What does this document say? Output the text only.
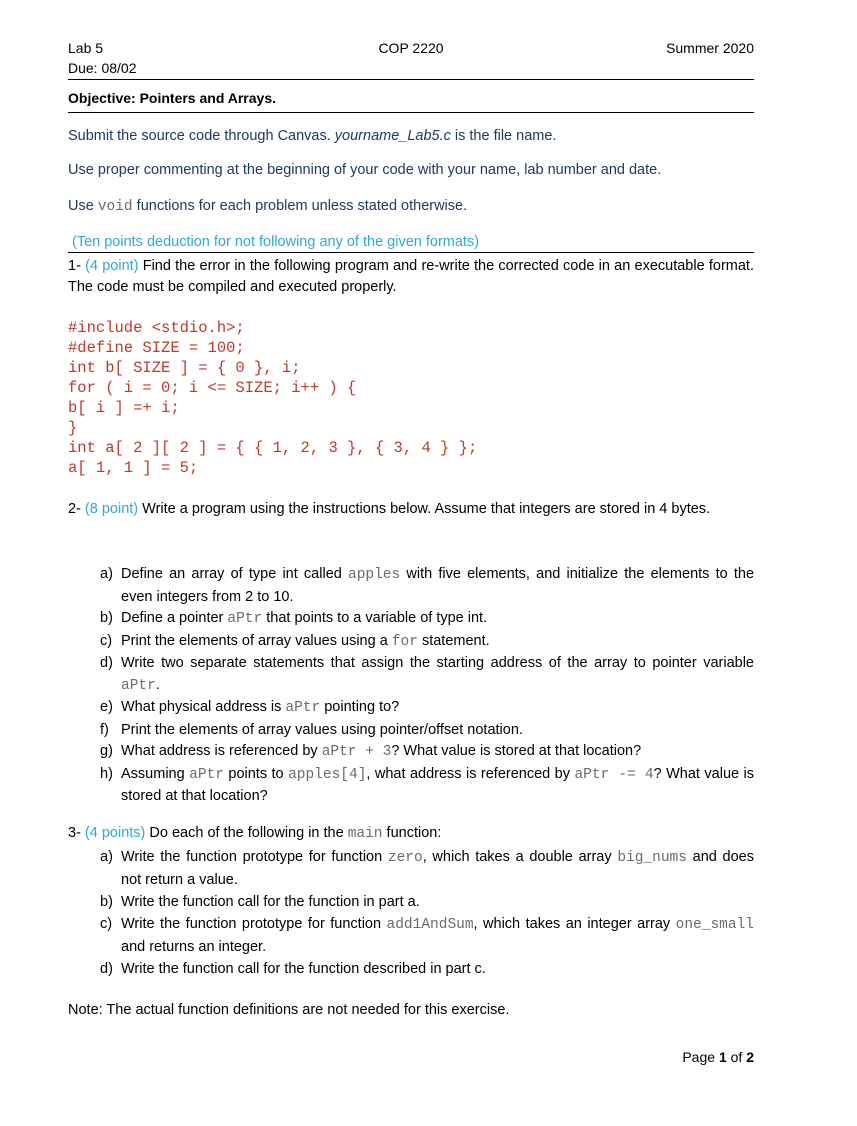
Lab 5	COP 2220	Summer 2020
Due: 08/02
Objective: Pointers and Arrays.
Submit the source code through Canvas. yourname_Lab5.c is the file name.
Use proper commenting at the beginning of your code with your name, lab number and date.
Use void functions for each problem unless stated otherwise.
(Ten points deduction for not following any of the given formats)
1- (4 point) Find the error in the following program and re-write the corrected code in an executable format. The code must be compiled and executed properly.
#include <stdio.h>;
#define SIZE = 100;
int b[ SIZE ] = { 0 }, i;
for ( i = 0; i <= SIZE; i++ ) {
b[ i ] =+ i;
}
int a[ 2 ][ 2 ] = { { 1, 2, 3 }, { 3, 4 } };
a[ 1, 1 ] = 5;
2- (8 point) Write a program using the instructions below. Assume that integers are stored in 4 bytes.
a) Define an array of type int called apples with five elements, and initialize the elements to the even integers from 2 to 10.
b) Define a pointer aPtr that points to a variable of type int.
c) Print the elements of array values using a for statement.
d) Write two separate statements that assign the starting address of the array to pointer variable aPtr.
e) What physical address is aPtr pointing to?
f) Print the elements of array values using pointer/offset notation.
g) What address is referenced by aPtr + 3? What value is stored at that location?
h) Assuming aPtr points to apples[4], what address is referenced by aPtr -= 4? What value is stored at that location?
3- (4 points) Do each of the following in the main function:
a) Write the function prototype for function zero, which takes a double array big_nums and does not return a value.
b) Write the function call for the function in part a.
c) Write the function prototype for function add1AndSum, which takes an integer array one_small and returns an integer.
d) Write the function call for the function described in part c.
Note: The actual function definitions are not needed for this exercise.
Page 1 of 2
